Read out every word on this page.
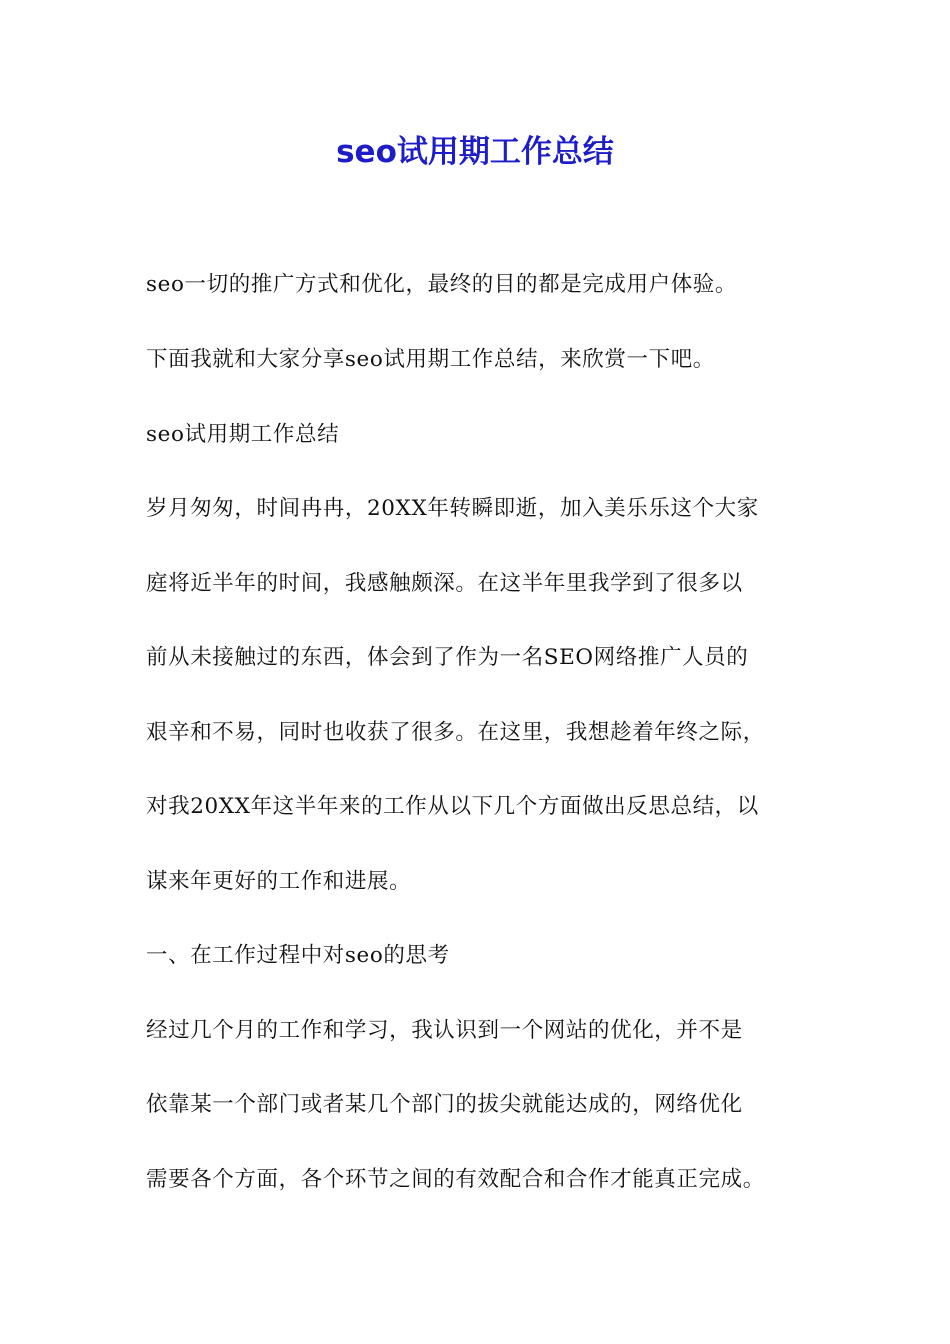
seo试用期工作总结

seo一切的推广方式和优化，最终的目的都是完成用户体验。

下面我就和大家分享seo试用期工作总结，来欣赏一下吧。

seo试用期工作总结

岁月匆匆，时间冉冉，20XX年转瞬即逝，加入美乐乐这个大家

庭将近半年的时间，我感触颇深。在这半年里我学到了很多以

前从未接触过的东西，体会到了作为一名SEO网络推广人员的

艰辛和不易，同时也收获了很多。在这里，我想趁着年终之际，

对我20XX年这半年来的工作从以下几个方面做出反思总结，以

谋来年更好的工作和进展。

一、在工作过程中对seo的思考

经过几个月的工作和学习，我认识到一个网站的优化，并不是

依靠某一个部门或者某几个部门的拔尖就能达成的，网络优化

需要各个方面，各个环节之间的有效配合和合作才能真正完成。
